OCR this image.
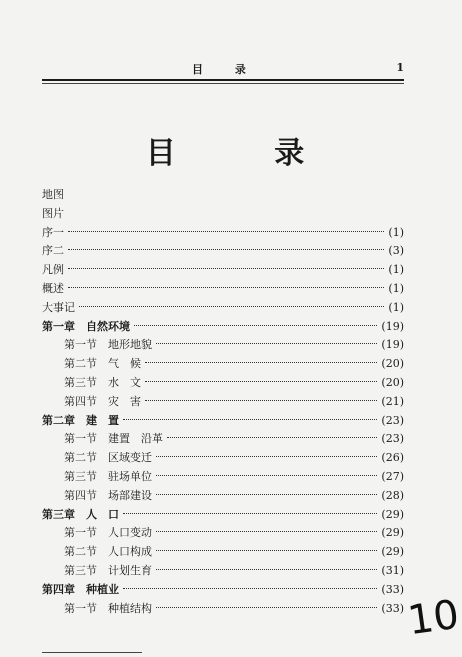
目 录	1
目 录
地图
图片
序一	(1)
序二	(3)
凡例	(1)
概述	(1)
大事记	(1)
第一章　自然环境	(19)
第一节　地形地貌	(19)
第二节　气　候	(20)
第三节　水　文	(20)
第四节　灾　害	(21)
第二章　建　置	(23)
第一节　建置　沿革	(23)
第二节　区域变迁	(26)
第三节　驻场单位	(27)
第四节　场部建设	(28)
第三章　人　口	(29)
第一节　人口变动	(29)
第二节　人口构成	(29)
第三节　计划生育	(31)
第四章　种植业	(33)
第一节　种植结构	(33) 10
